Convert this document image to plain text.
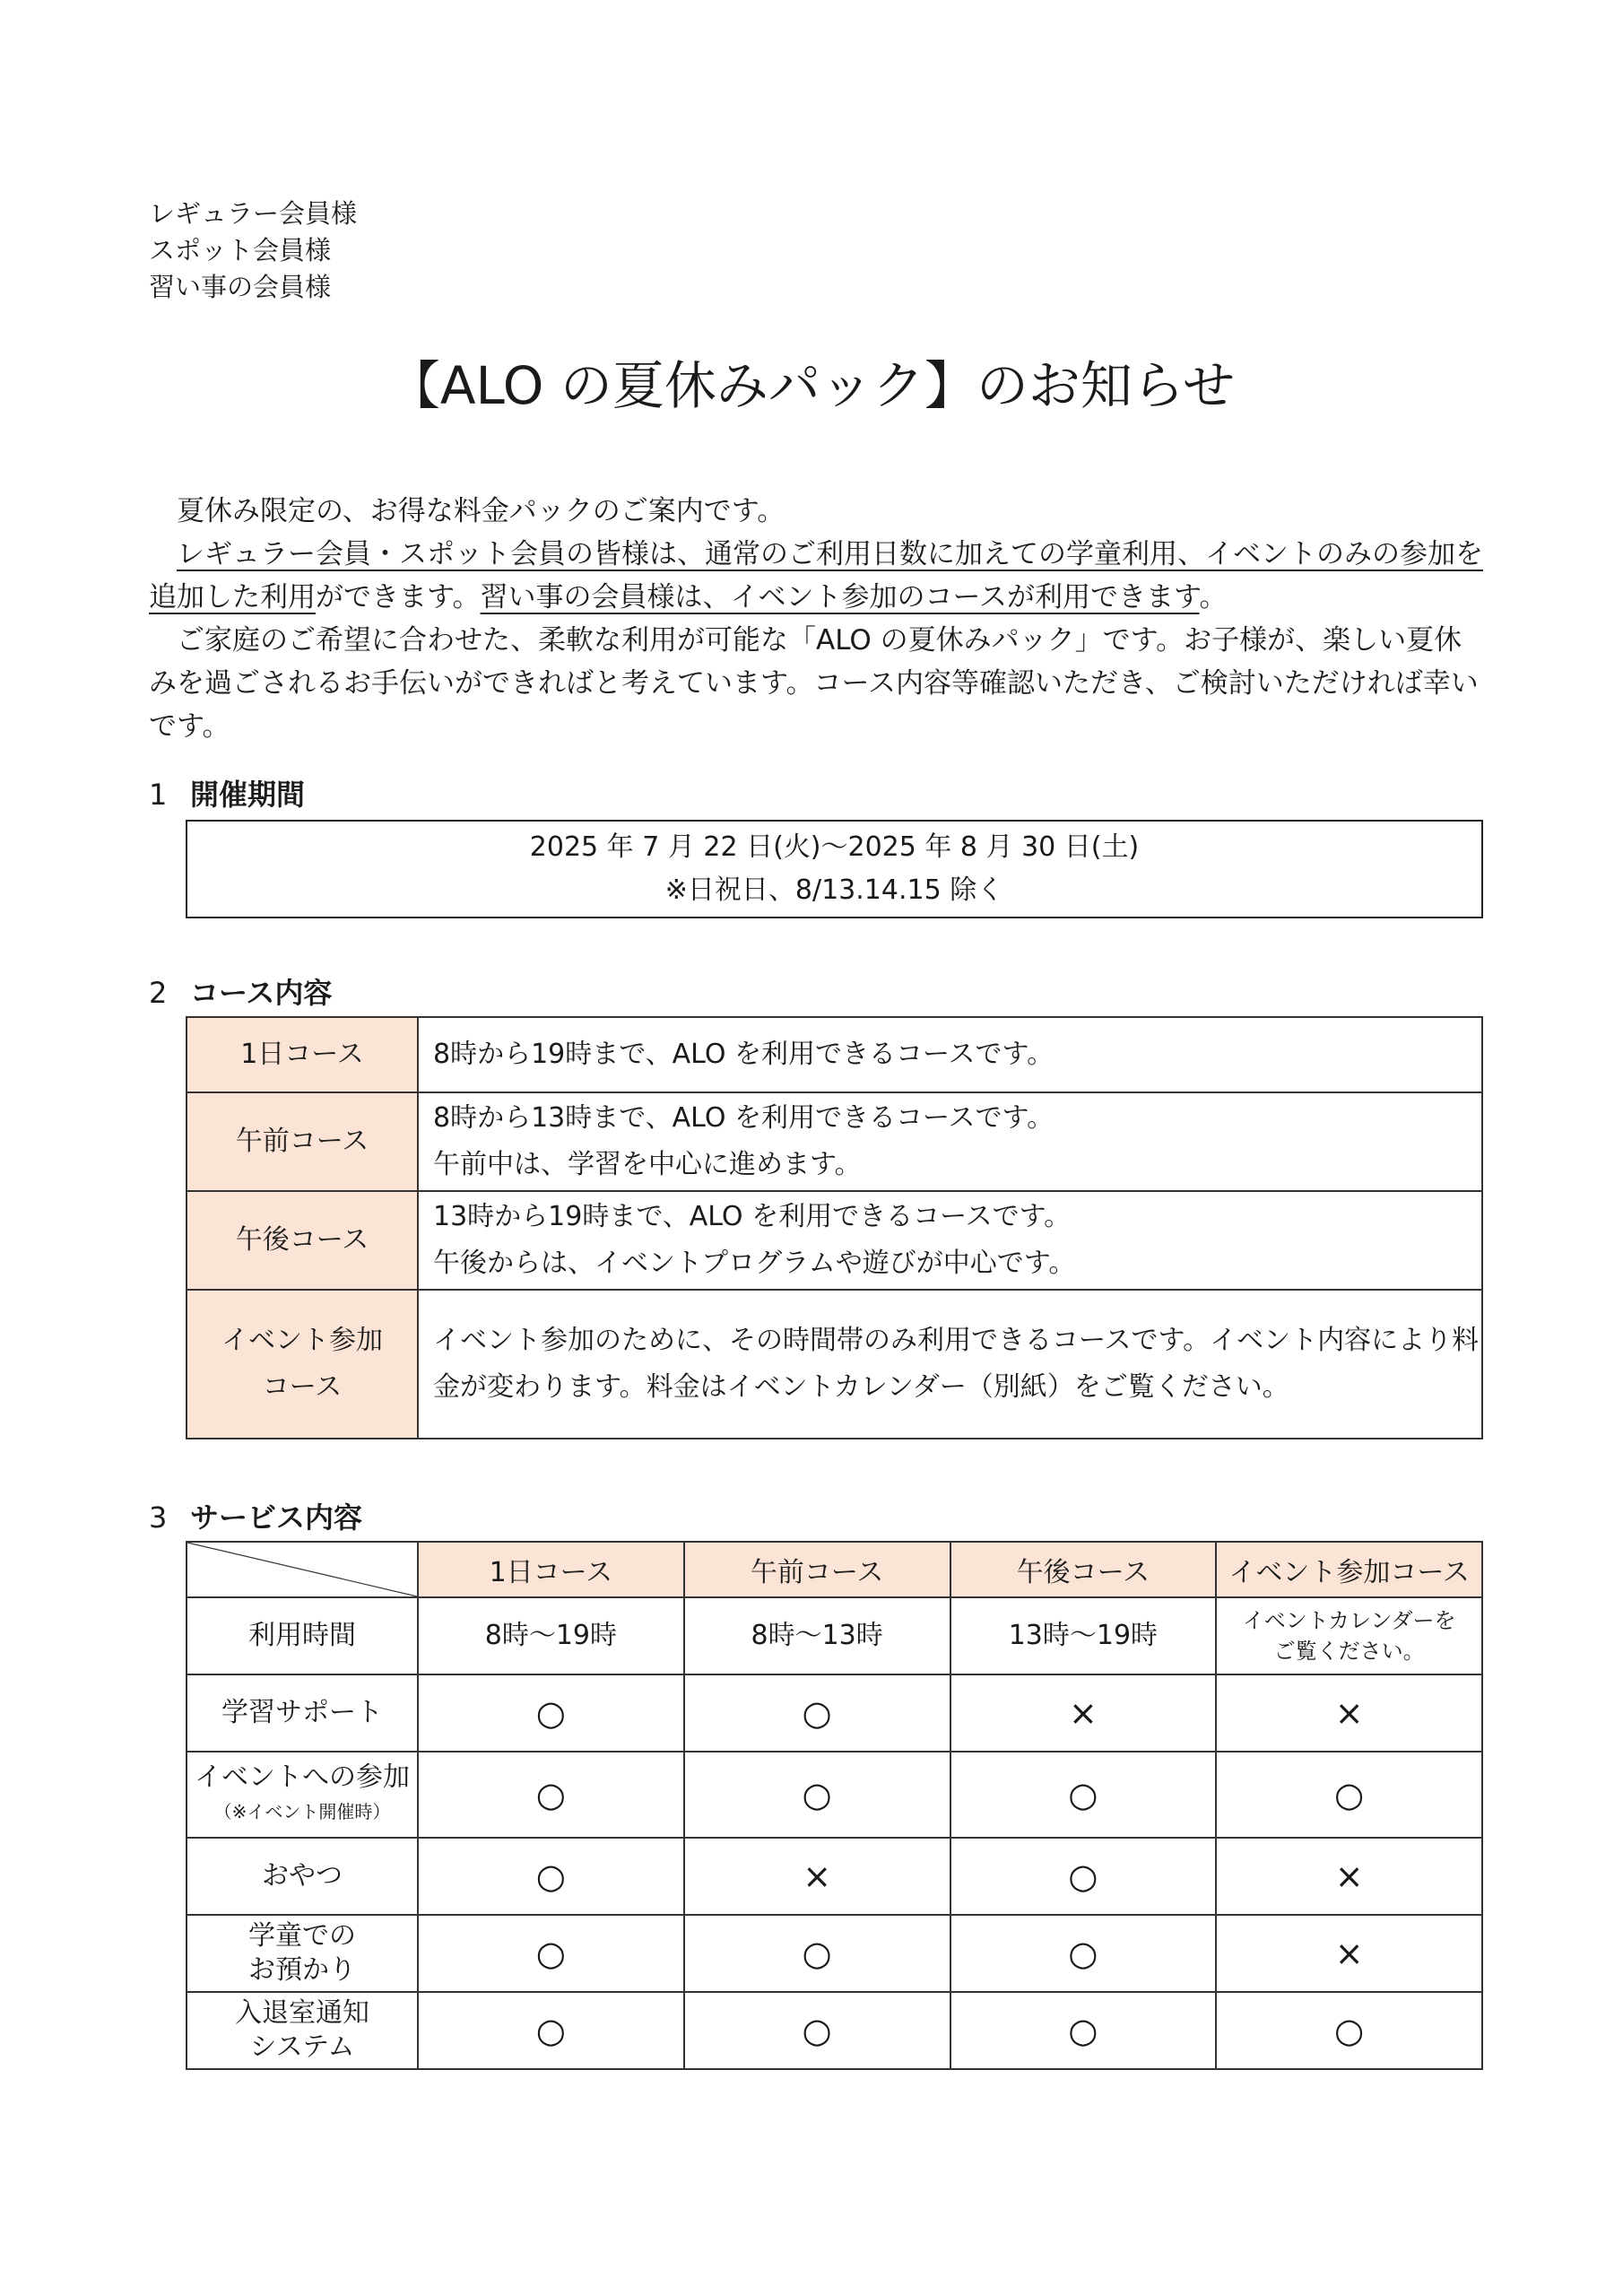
レギュラー会員様
スポット会員様
習い事の会員様
【ALO の夏休みパック】のお知らせ

 夏休み限定の、お得な料金パックのご案内です。

 レギュラー会員・スポット会員の皆様は、通常のご利用日数に加えての学童利用、イベントのみの参加を追加した利用ができます。習い事の会員様は、イベント参加のコースが利用できます。

 ご家庭のご希望に合わせた、柔軟な利用が可能な「ALO の夏休みパック」です。お子様が、楽しい夏休みを過ごされるお手伝いができればと考えています。コース内容等確認いただき、ご検討いただければ幸いです。

1 開催期間
2025 年 7 月 22 日(火)～2025 年 8 月 30 日(土)
※日祝日、8/13.14.15 除く
2 コース内容
1日コース	8時から19時まで、ALO を利用できるコースです。

午前コース	8時から13時まで、ALO を利用できるコースです。
午前中は、学習を中心に進めます。

午後コース	13時から19時まで、ALO を利用できるコースです。
午後からは、イベントプログラムや遊びが中心です。

イベント参加
コース	イベント参加のために、その時間帯のみ利用できるコースです。イベント内容により料金が変わります。料金はイベントカレンダー（別紙）をご覧ください。
3 サービス内容
	1日コース	午前コース	午後コース	イベント参加コース
利用時間	8時～19時	8時～13時	13時～19時	イベントカレンダーを
ご覧ください。

学習サポート	○	○	×	×

イベントへの参加
（※イベント開催時）	○	○	○	○
おやつ	○	×	○	×

学童での
お預かり	○	○	○	×

入退室通知
システム	○	○	○	○
